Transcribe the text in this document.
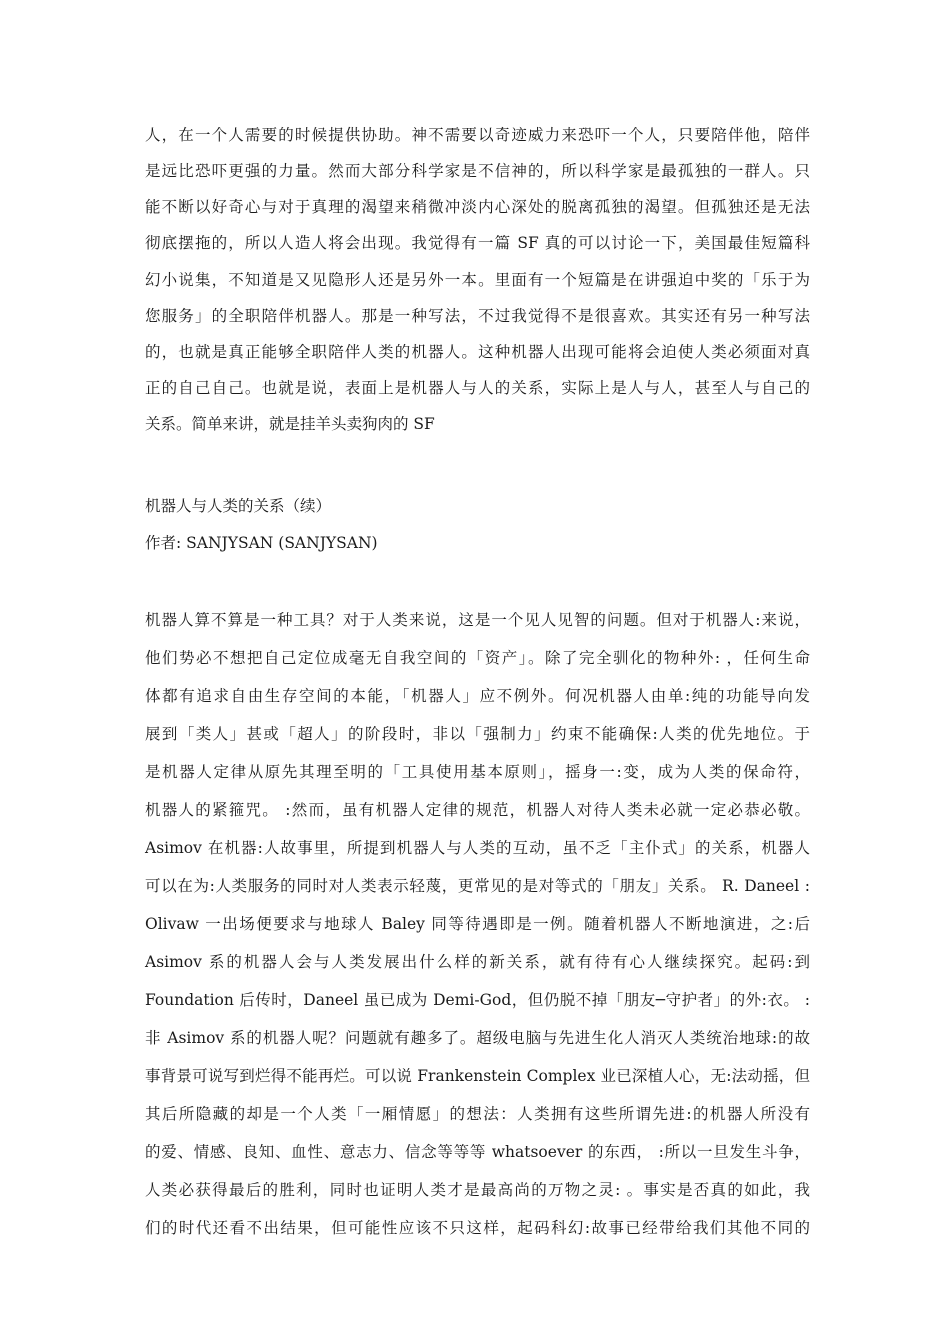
人，在一个人需要的时候提供协助。神不需要以奇迹威力来恐吓一个人，只要陪伴他，陪伴
是远比恐吓更强的力量。然而大部分科学家是不信神的，所以科学家是最孤独的一群人。只
能不断以好奇心与对于真理的渴望来稍微冲淡内心深处的脱离孤独的渴望。但孤独还是无法
彻底摆拖的，所以人造人将会出现。我觉得有一篇 SF 真的可以讨论一下，美国最佳短篇科
幻小说集，不知道是又见隐形人还是另外一本。里面有一个短篇是在讲强迫中奖的「乐于为
您服务」的全职陪伴机器人。那是一种写法，不过我觉得不是很喜欢。其实还有另一种写法
的，也就是真正能够全职陪伴人类的机器人。这种机器人出现可能将会迫使人类必须面对真
正的自己自己。也就是说，表面上是机器人与人的关系，实际上是人与人，甚至人与自己的
关系。简单来讲，就是挂羊头卖狗肉的 SF
机器人与人类的关系（续）
作者: SANJYSAN (SANJYSAN)
机器人算不算是一种工具？对于人类来说，这是一个见人见智的问题。但对于机器人:来说，
他们势必不想把自己定位成毫无自我空间的「资产」。除了完全驯化的物种外: ，任何生命
体都有追求自由生存空间的本能，「机器人」应不例外。何况机器人由单:纯的功能导向发
展到「类人」甚或「超人」的阶段时，非以「强制力」约束不能确保:人类的优先地位。于
是机器人定律从原先其理至明的「工具使用基本原则」，摇身一:变，成为人类的保命符，
机器人的紧箍咒。 :然而，虽有机器人定律的规范，机器人对待人类未必就一定必恭必敬。
Asimov 在机器:人故事里，所提到机器人与人类的互动，虽不乏「主仆式」的关系，机器人
可以在为:人类服务的同时对人类表示轻蔑，更常见的是对等式的「朋友」关系。 R. Daneel :
Olivaw 一出场便要求与地球人 Baley 同等待遇即是一例。随着机器人不断地演进，之:后
Asimov 系的机器人会与人类发展出什么样的新关系，就有待有心人继续探究。起码:到
Foundation 后传时，Daneel 虽已成为 Demi-God，但仍脱不掉「朋友─守护者」的外:衣。 :
非 Asimov 系的机器人呢？问题就有趣多了。超级电脑与先进生化人消灭人类统治地球:的故
事背景可说写到烂得不能再烂。可以说 Frankenstein Complex 业已深植人心，无:法动摇，但
其后所隐藏的却是一个人类「一厢情愿」的想法：人类拥有这些所谓先进:的机器人所没有
的爱、情感、良知、血性、意志力、信念等等等 whatsoever 的东西， :所以一旦发生斗争，
人类必获得最后的胜利，同时也证明人类才是最高尚的万物之灵: 。事实是否真的如此，我
们的时代还看不出结果，但可能性应该不只这样，起码科幻:故事已经带给我们其他不同的
